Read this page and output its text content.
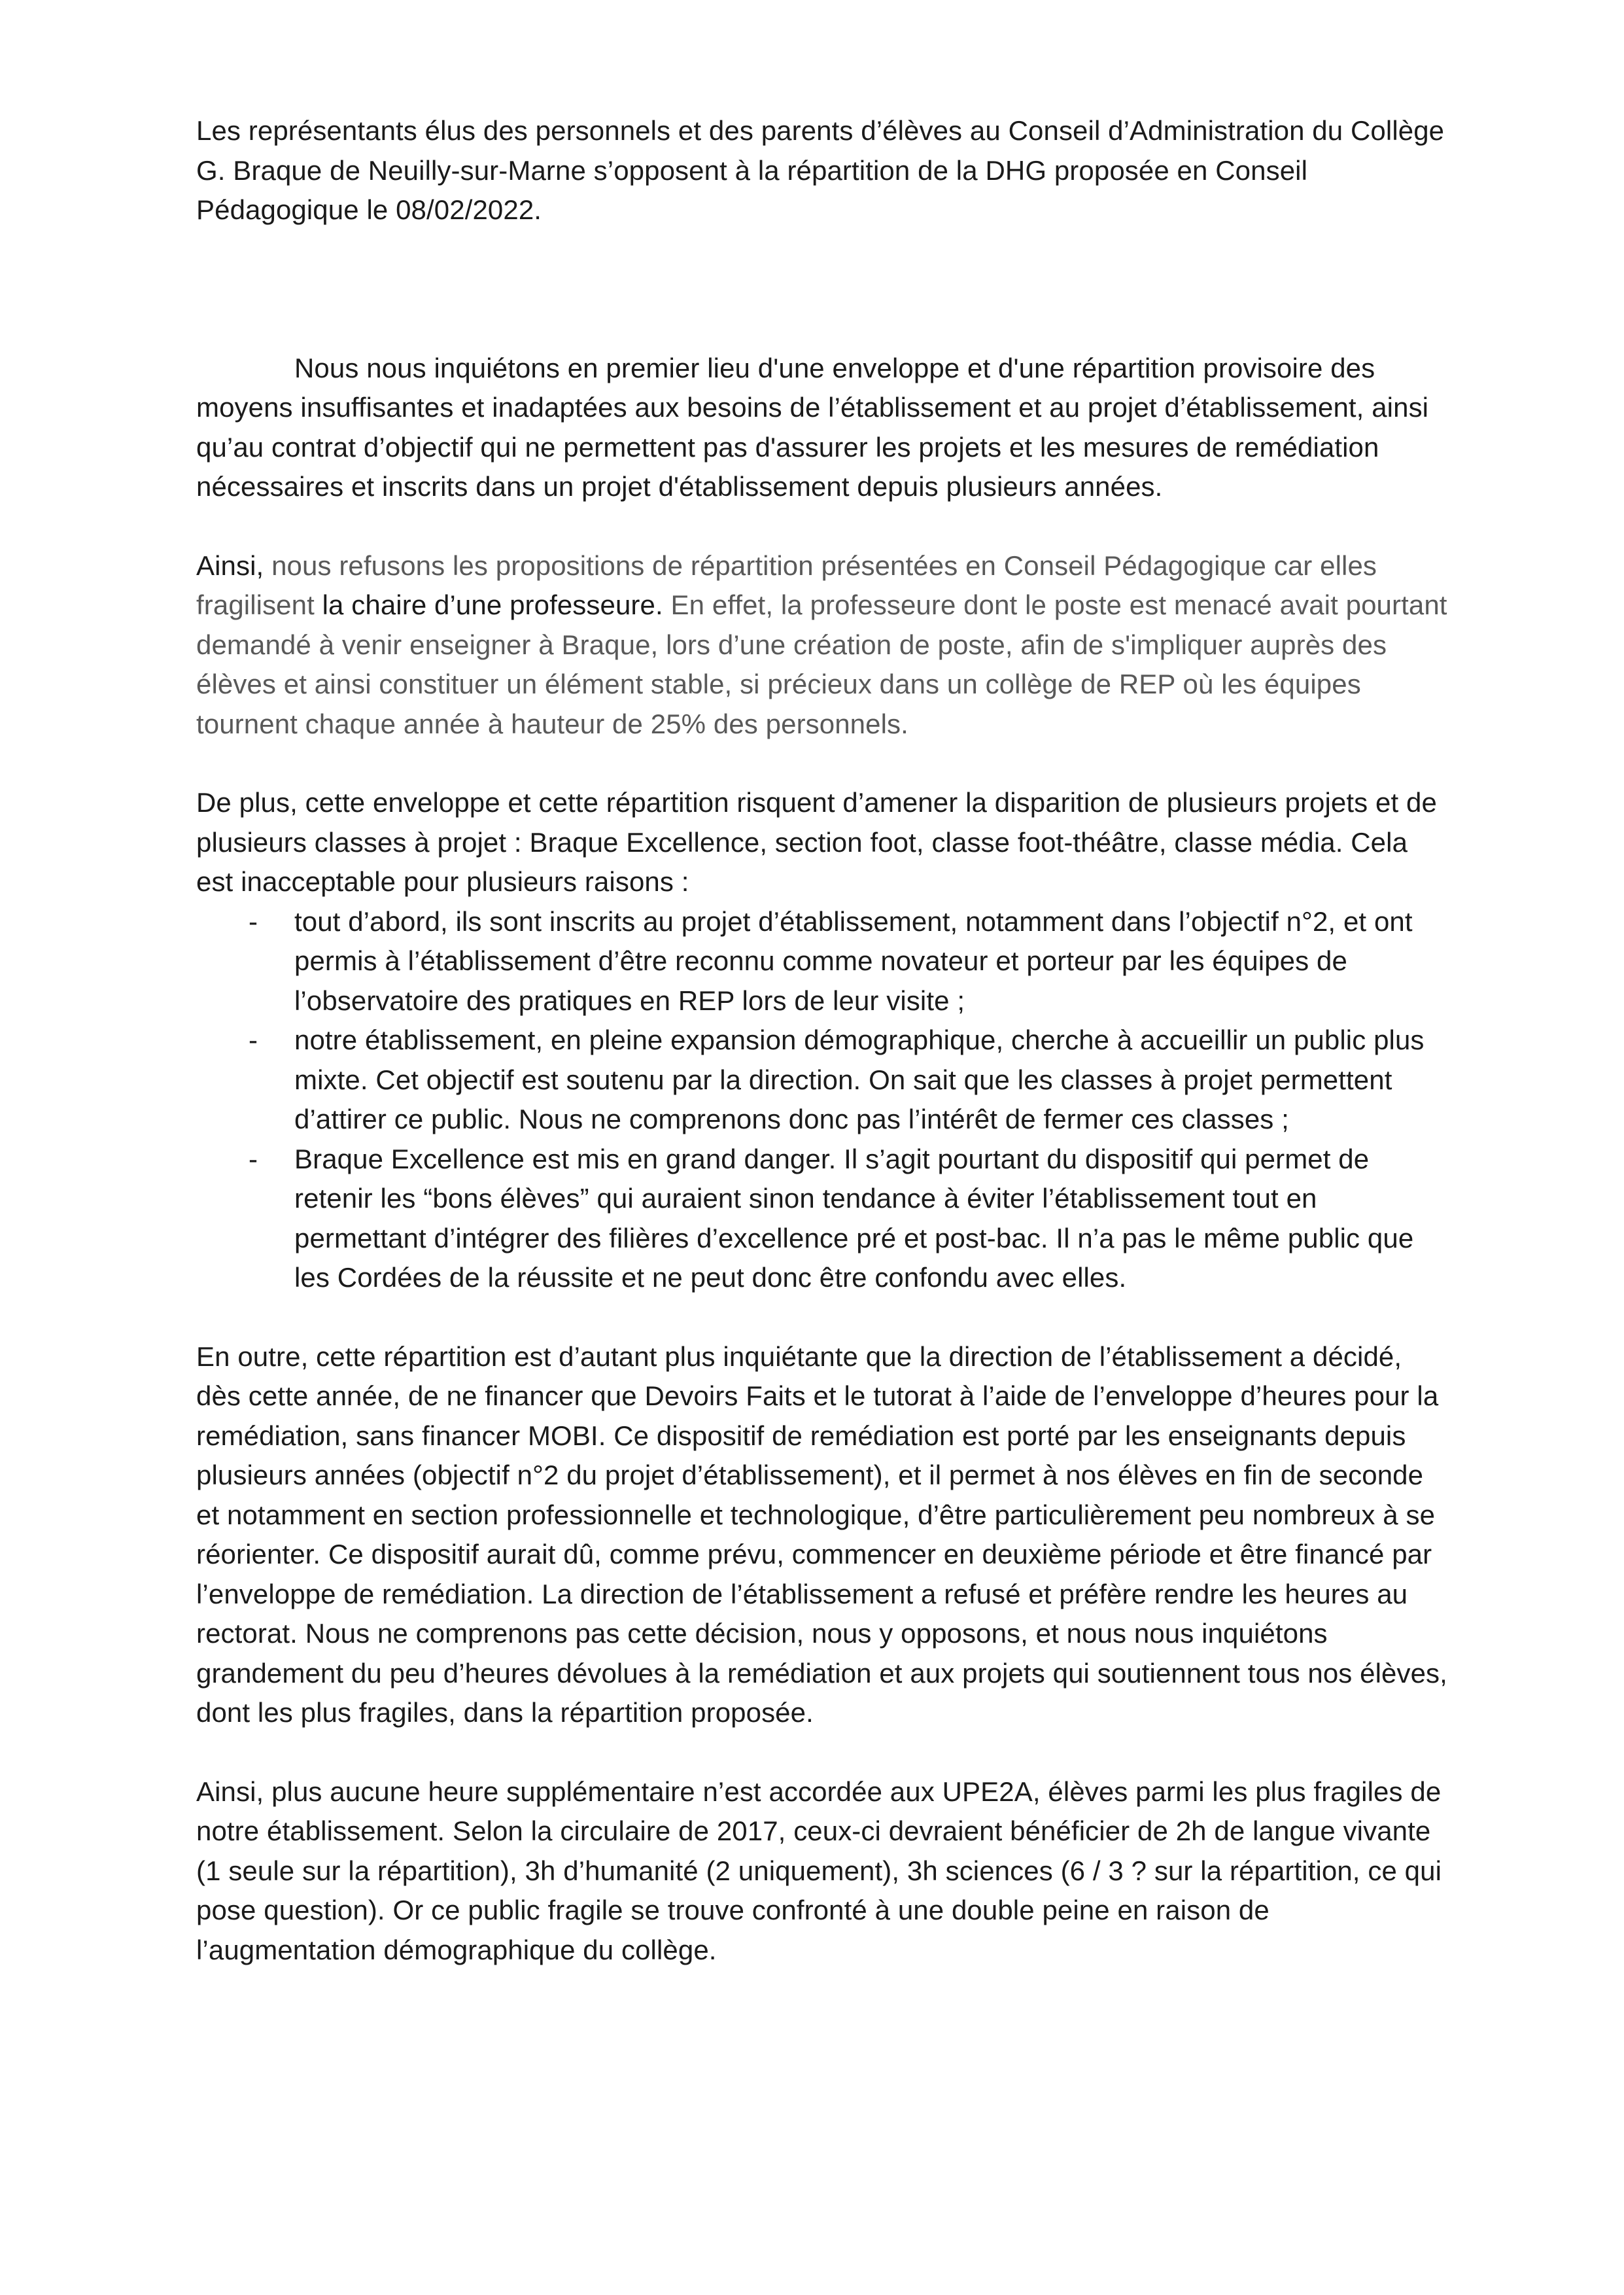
Les représentants élus des personnels et des parents d’élèves au Conseil d’Administration du Collège G. Braque de Neuilly-sur-Marne s’opposent à la répartition de la DHG proposée en Conseil Pédagogique le 08/02/2022.

Nous nous inquiétons en premier lieu d'une enveloppe et d'une répartition provisoire des moyens insuffisantes et inadaptées aux besoins de l’établissement et au projet d’établissement, ainsi qu’au contrat d’objectif qui ne permettent pas d'assurer les projets et les mesures de remédiation nécessaires et inscrits dans un projet d'établissement depuis plusieurs années.

Ainsi, nous refusons les propositions de répartition présentées en Conseil Pédagogique car elles fragilisent la chaire d’une professeure. En effet, la professeure dont le poste est menacé avait pourtant demandé à venir enseigner à Braque, lors d’une création de poste, afin de s'impliquer auprès des élèves et ainsi constituer un élément stable, si précieux dans un collège de REP où les équipes tournent chaque année à hauteur de 25% des personnels.

De plus, cette enveloppe et cette répartition risquent d’amener la disparition de plusieurs projets et de plusieurs classes à projet : Braque Excellence, section foot, classe foot-théâtre, classe média. Cela est inacceptable pour plusieurs raisons :

- tout d’abord, ils sont inscrits au projet d’établissement, notamment dans l’objectif n°2, et ont permis à l’établissement d’être reconnu comme novateur et porteur par les équipes de l’observatoire des pratiques en REP lors de leur visite ;
- notre établissement, en pleine expansion démographique, cherche à accueillir un public plus mixte. Cet objectif est soutenu par la direction. On sait que les classes à projet permettent d’attirer ce public. Nous ne comprenons donc pas l’intérêt de fermer ces classes ;
- Braque Excellence est mis en grand danger. Il s’agit pourtant du dispositif qui permet de retenir les “bons élèves” qui auraient sinon tendance à éviter l’établissement tout en permettant d’intégrer des filières d’excellence pré et post-bac. Il n’a pas le même public que les Cordées de la réussite et ne peut donc être confondu avec elles.

En outre, cette répartition est d’autant plus inquiétante que la direction de l’établissement a décidé, dès cette année, de ne financer que Devoirs Faits et le tutorat à l’aide de l’enveloppe d’heures pour la remédiation, sans financer MOBI. Ce dispositif de remédiation est porté par les enseignants depuis plusieurs années (objectif n°2 du projet d’établissement), et il permet à nos élèves en fin de seconde et notamment en section professionnelle et technologique, d’être particulièrement peu nombreux à se réorienter. Ce dispositif aurait dû, comme prévu, commencer en deuxième période et être financé par l’enveloppe de remédiation. La direction de l’établissement a refusé et préfère rendre les heures au rectorat. Nous ne comprenons pas cette décision, nous y opposons, et nous nous inquiétons grandement du peu d’heures dévolues à la remédiation et aux projets qui soutiennent tous nos élèves, dont les plus fragiles, dans la répartition proposée.

Ainsi, plus aucune heure supplémentaire n’est accordée aux UPE2A, élèves parmi les plus fragiles de notre établissement. Selon la circulaire de 2017, ceux-ci devraient bénéficier de 2h de langue vivante (1 seule sur la répartition), 3h d’humanité (2 uniquement), 3h sciences (6 / 3 ? sur la répartition, ce qui pose question). Or ce public fragile se trouve confronté à une double peine en raison de l’augmentation démographique du collège.
